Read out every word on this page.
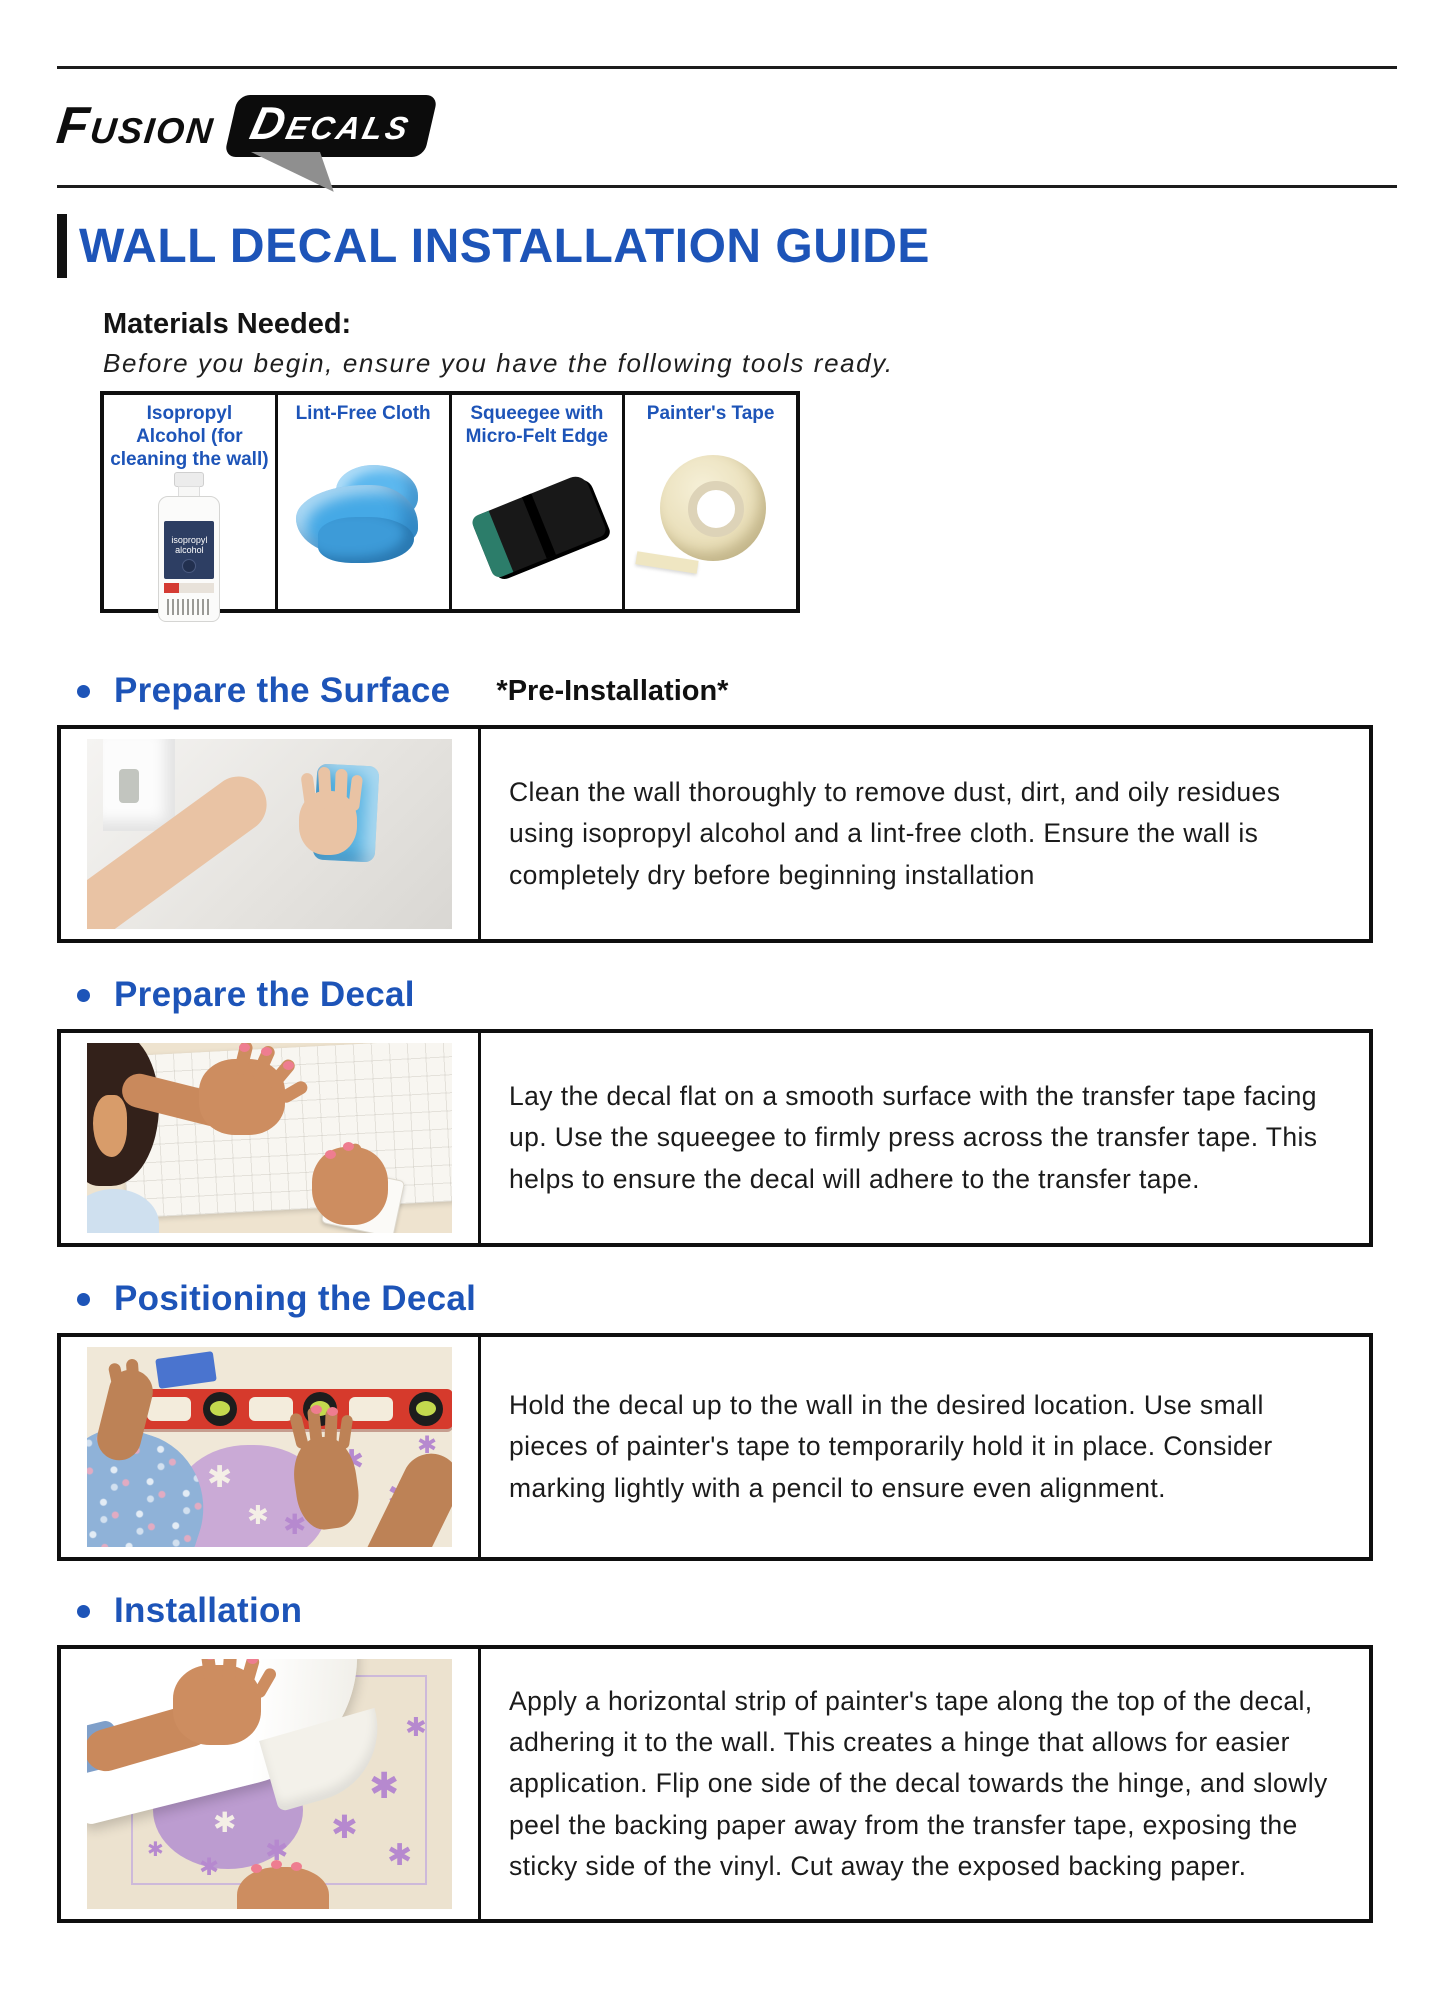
Fusion Decals
WALL DECAL INSTALLATION GUIDE
Materials Needed:
Before you begin, ensure you have the following tools ready.
Isopropyl Alcohol (for cleaning the wall)
isopropyl
alcohol
Lint-Free Cloth	Squeegee with Micro-Felt Edge
Painter's Tape
Prepare the Surface *Pre-Installation*
Clean the wall thoroughly to remove dust, dirt, and oily residues using isopropyl alcohol and a lint-free cloth. Ensure the wall is completely dry before beginning installation
Prepare the Decal
Lay the decal flat on a smooth surface with the transfer tape facing up. Use the squeegee to firmly press across the transfer tape. This helps to ensure the decal will adhere to the transfer tape.
Positioning the Decal
✱
✱
✱
✱
✱
✱
✱
✱
Hold the decal up to the wall in the desired location. Use small pieces of painter's tape to temporarily hold it in place. Consider marking lightly with a pencil to ensure even alignment.
Installation
✱
✱
✱
✱
✱
✱
✱
✱
✱
✱
Apply a horizontal strip of painter's tape along the top of the decal, adhering it to the wall. This creates a hinge that allows for easier application. Flip one side of the decal towards the hinge, and slowly peel the backing paper away from the transfer tape, exposing the sticky side of the vinyl. Cut away the exposed backing paper.
